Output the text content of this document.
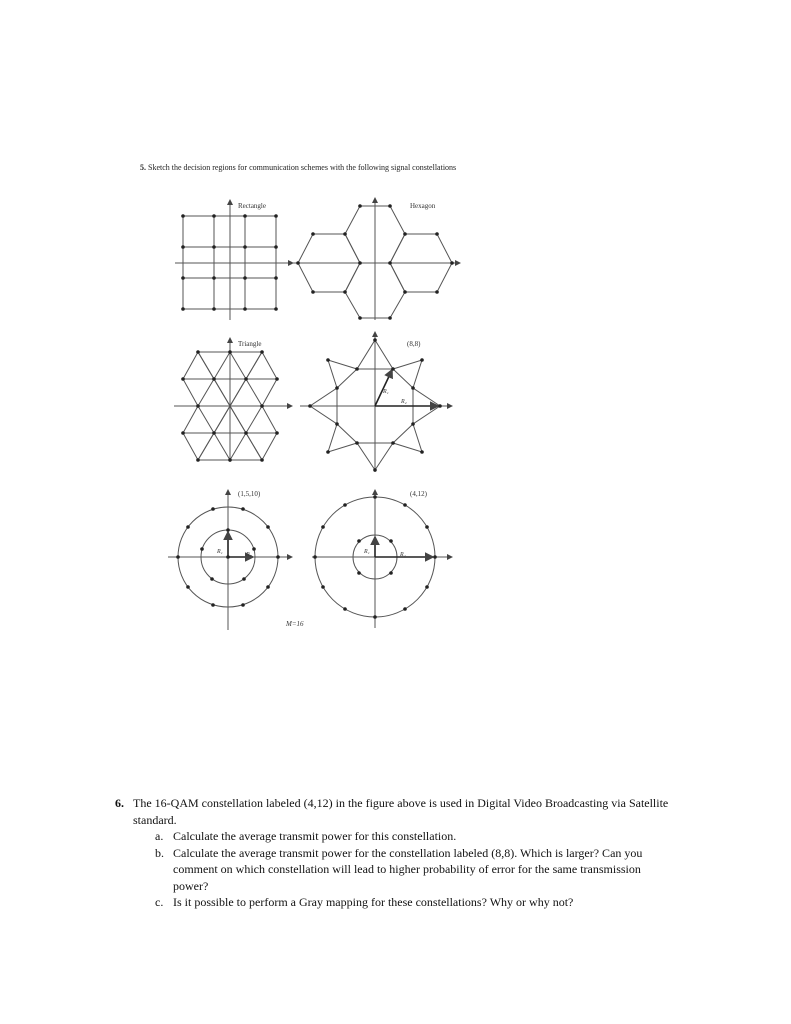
5. Sketch the decision regions for communication schemes with the following signal constellations
Rectangle	Hexagon
Triangle	(8,8)
R₁
R₂
(1,5,10)
R₁	R₂
(4,12)
R₁	R₂
M=16
6. The 16-QAM constellation labeled (4,12) in the figure above is used in Digital Video Broadcasting via Satellite standard.
a. Calculate the average transmit power for this constellation.
b. Calculate the average transmit power for the constellation labeled (8,8). Which is larger? Can you comment on which constellation will lead to higher probability of error for the same transmission power?
c. Is it possible to perform a Gray mapping for these constellations? Why or why not?
